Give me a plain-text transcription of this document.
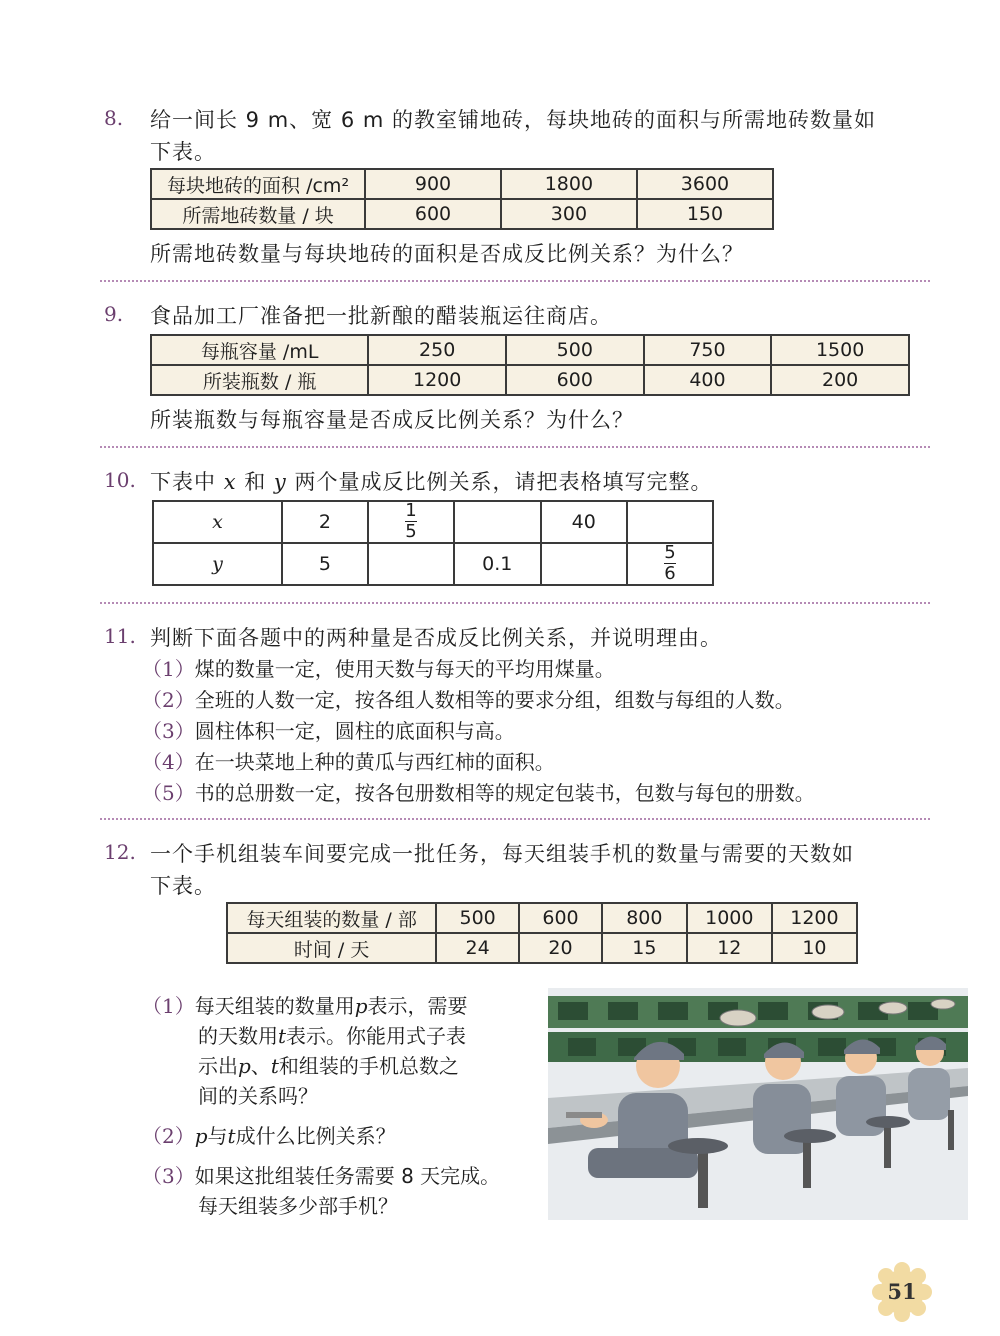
8. 给一间长 9 m、宽 6 m 的教室铺地砖，每块地砖的面积与所需地砖数量如
下表。
每块地砖的面积 /cm²	900	1800	3600
所需地砖数量 / 块	600	300	150
所需地砖数量与每块地砖的面积是否成反比例关系？为什么？
9. 食品加工厂准备把一批新酿的醋装瓶运往商店。
每瓶容量 /mL	250	500	750	1500
所装瓶数 / 瓶	1200	600	400	200
所装瓶数与每瓶容量是否成反比例关系？为什么？
10. 下表中 x 和 y 两个量成反比例关系，请把表格填写完整。
x	2	$\frac{1}{5}$		40	
y	5		0.1		$\frac{5}{6}$
11. 判断下面各题中的两种量是否成反比例关系，并说明理由。
（1）煤的数量一定，使用天数与每天的平均用煤量。
（2）全班的人数一定，按各组人数相等的要求分组，组数与每组的人数。
（3）圆柱体积一定，圆柱的底面积与高。
（4）在一块菜地上种的黄瓜与西红柿的面积。
（5）书的总册数一定，按各包册数相等的规定包装书，包数与每包的册数。
12. 一个手机组装车间要完成一批任务，每天组装手机的数量与需要的天数如
下表。
每天组装的数量 / 部	500	600	800	1000	1200
时间 / 天	24	20	15	12	10
（1）每天组装的数量用p表示，需要
的天数用t表示。你能用式子表
示出p、t和组装的手机总数之
间的关系吗？
（2）p与t成什么比例关系？
（3）如果这批组装任务需要 8 天完成。
每天组装多少部手机？
51
